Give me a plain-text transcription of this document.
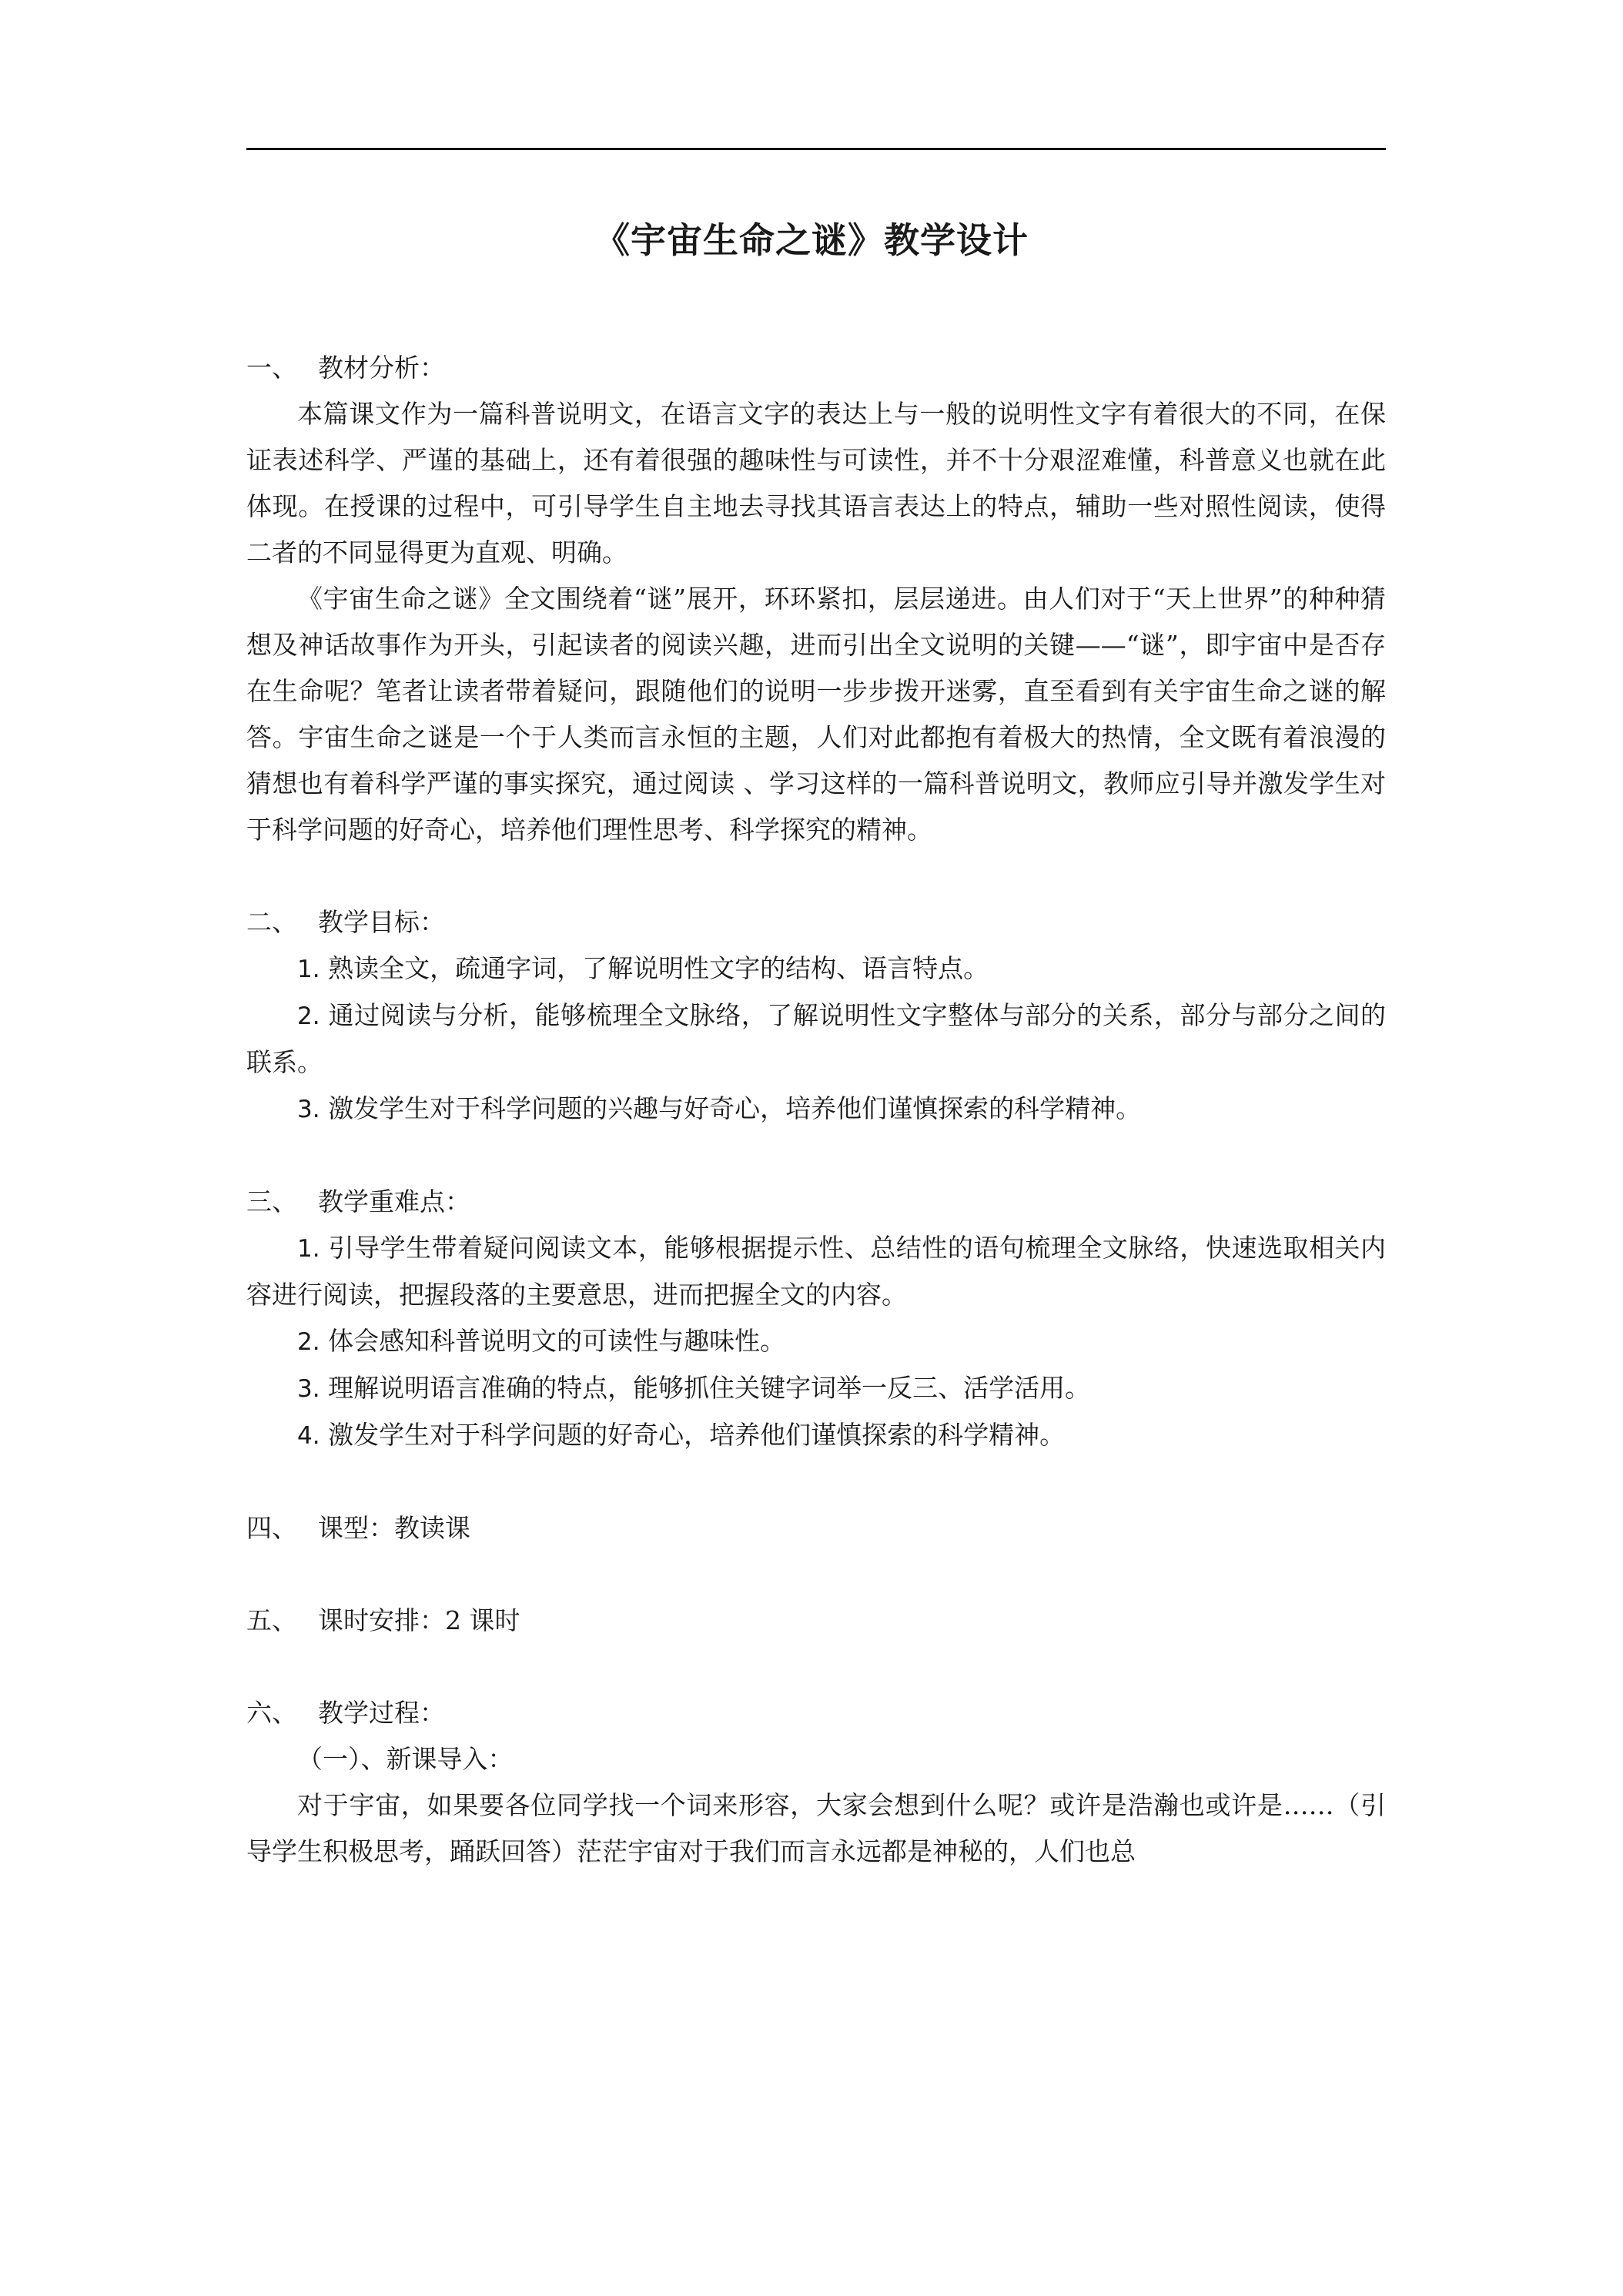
《宇宙生命之谜》教学设计

一、 教材分析：

本篇课文作为一篇科普说明文，在语言文字的表达上与一般的说明性文字有着很大的不同，在保证表述科学、严谨的基础上，还有着很强的趣味性与可读性，并不十分艰涩难懂，科普意义也就在此体现。在授课的过程中，可引导学生自主地去寻找其语言表达上的特点，辅助一些对照性阅读，使得二者的不同显得更为直观、明确。

《宇宙生命之谜》全文围绕着“谜”展开，环环紧扣，层层递进。由人们对于“天上世界”的种种猜想及神话故事作为开头，引起读者的阅读兴趣，进而引出全文说明的关键——“谜”，即宇宙中是否存在生命呢？笔者让读者带着疑问，跟随他们的说明一步步拨开迷雾，直至看到有关宇宙生命之谜的解答。宇宙生命之谜是一个于人类而言永恒的主题，人们对此都抱有着极大的热情，全文既有着浪漫的猜想也有着科学严谨的事实探究，通过阅读 、学习这样的一篇科普说明文，教师应引导并激发学生对于科学问题的好奇心，培养他们理性思考、科学探究的精神。

二、 教学目标：

1. 熟读全文，疏通字词，了解说明性文字的结构、语言特点。

2. 通过阅读与分析，能够梳理全文脉络，了解说明性文字整体与部分的关系，部分与部分之间的联系。

3. 激发学生对于科学问题的兴趣与好奇心，培养他们谨慎探索的科学精神。

三、 教学重难点：

1. 引导学生带着疑问阅读文本，能够根据提示性、总结性的语句梳理全文脉络，快速选取相关内容进行阅读，把握段落的主要意思，进而把握全文的内容。

2. 体会感知科普说明文的可读性与趣味性。

3. 理解说明语言准确的特点，能够抓住关键字词举一反三、活学活用。

4. 激发学生对于科学问题的好奇心，培养他们谨慎探索的科学精神。

四、 课型：教读课

五、 课时安排：2 课时

六、 教学过程：

（一）、新课导入：

对于宇宙，如果要各位同学找一个词来形容，大家会想到什么呢？或许是浩瀚也或许是……（引导学生积极思考，踊跃回答）茫茫宇宙对于我们而言永远都是神秘的，人们也总
